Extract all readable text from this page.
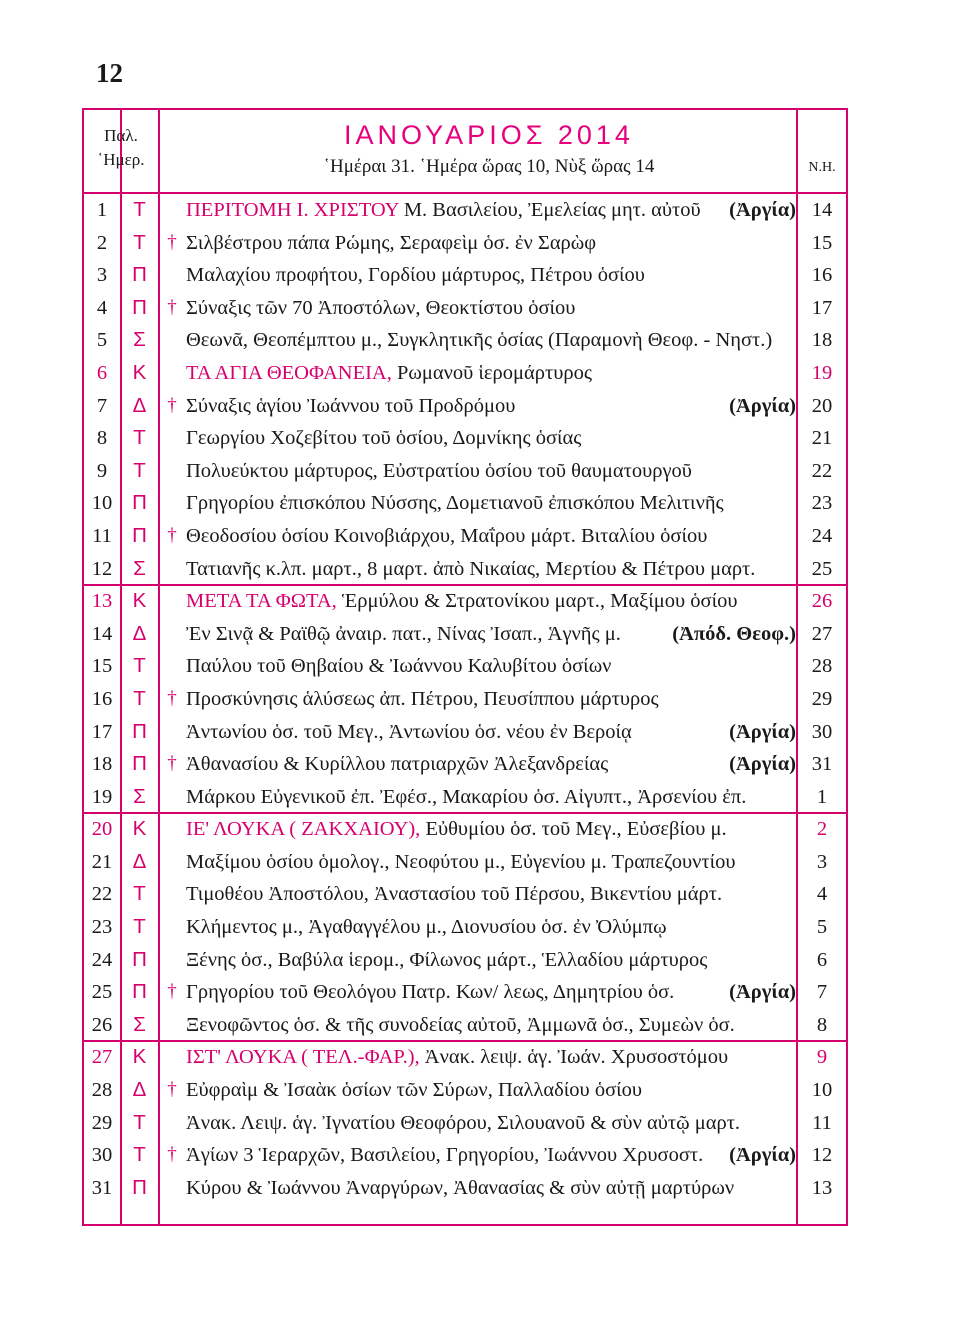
12
Παλ.
῾Ημερ.
ΙΑΝΟΥΑΡΙΟΣ 2014
῾Ημέραι 31. ῾Ημέρα ὥρας 10, Νὺξ ὥρας 14	Ν.Η.
1	Τ	ΠΕΡΙΤΟΜΗ Ι. ΧΡΙΣΤΟΥ Μ. Βασιλείου, Ἐμελείας μητ. αὐτοῦ	(Ἀργία) 14
2	Τ	† Σιλβέστρου πάπα Ρώμης, Σεραφεὶμ ὁσ. ἐν Σαρὼφ	15
3	Π	Μαλαχίου προφήτου, Γορδίου μάρτυρος, Πέτρου ὁσίου	16
4	Π	† Σύναξις τῶν 70 Ἀποστόλων, Θεοκτίστου ὁσίου	17
5	Σ	Θεωνᾶ, Θεοπέμπτου μ., Συγκλητικῆς ὁσίας (Παραμονὴ Θεοφ. - Νηστ.)	18
6	Κ	ΤΑ ΑΓΙΑ ΘΕΟΦΑΝΕΙΑ, Ρωμανοῦ ἱερομάρτυρος	19
7	Δ	† Σύναξις ἁγίου Ἰωάννου τοῦ Προδρόμου	(Ἀργία) 20
8	Τ	Γεωργίου Χοζεβίτου τοῦ ὁσίου, Δομνίκης ὁσίας	21
9	Τ	Πολυεύκτου μάρτυρος, Εὐστρατίου ὁσίου τοῦ θαυματουργοῦ	22
10 Π	Γρηγορίου ἐπισκόπου Νύσσης, Δομετιανοῦ ἐπισκόπου Μελιτινῆς	23
11 Π	† Θεοδοσίου ὁσίου Κοινοβιάρχου, Μαΐρου μάρτ. Βιταλίου ὁσίου	24
12	Σ	Τατιανῆς κ.λπ. μαρτ., 8 μαρτ. ἀπὸ Νικαίας, Μερτίου & Πέτρου μαρτ.	25
13 Κ	ΜΕΤΑ ΤΑ ΦΩΤΑ, Ἑρμύλου & Στρατονίκου μαρτ., Μαξίμου ὁσίου	26
14 Δ	Ἐν Σινᾷ & Ραϊθῷ ἀναιρ. πατ., Νίνας Ἰσαπ., Ἁγνῆς μ.	(Ἀπόδ. Θεοφ.) 27
15	Τ	Παύλου τοῦ Θηβαίου & Ἰωάννου Καλυβίτου ὁσίων	28
16	Τ	† Προσκύνησις ἁλύσεως ἀπ. Πέτρου, Πευσίππου μάρτυρος	29
17 Π	Ἀντωνίου ὁσ. τοῦ Μεγ., Ἀντωνίου ὁσ. νέου ἐν Βεροίᾳ	(Ἀργία) 30
18 Π	† Ἀθανασίου & Κυρίλλου πατριαρχῶν Ἀλεξανδρείας	(Ἀργία) 31
19	Σ	Μάρκου Εὐγενικοῦ ἐπ. Ἐφέσ., Μακαρίου ὁσ. Αἰγυπτ., Ἀρσενίου ἐπ.	1
20 Κ	ΙΕ' ΛΟΥΚΑ ( ΖΑΚΧΑΙΟΥ), Εὐθυμίου ὁσ. τοῦ Μεγ., Εὐσεβίου μ.	2
21 Δ	Μαξίμου ὁσίου ὁμολογ., Νεοφύτου μ., Εὐγενίου μ. Τραπεζουντίου	3
22	Τ	Τιμοθέου Ἀποστόλου, Ἀναστασίου τοῦ Πέρσου, Βικεντίου μάρτ.	4
23	Τ	Κλήμεντος μ., Ἀγαθαγγέλου μ., Διονυσίου ὁσ. ἐν Ὀλύμπῳ	5
24 Π	Ξένης ὁσ., Βαβύλα ἱερομ., Φίλωνος μάρτ., Ἑλλαδίου μάρτυρος	6
25 Π	† Γρηγορίου τοῦ Θεολόγου Πατρ. Κων/ λεως, Δημητρίου ὁσ.	(Ἀργία)	7
26	Σ	Ξενοφῶντος ὁσ. & τῆς συνοδείας αὐτοῦ, Ἀμμωνᾶ ὁσ., Συμεὼν ὁσ.	8
27 Κ	ΙΣΤ' ΛΟΥΚΑ ( ΤΕΛ.-ΦΑΡ.), Ἀνακ. λειψ. ἁγ. Ἰωάν. Χρυσοστόμου	9
28 Δ	† Εὐφραὶμ & Ἰσαὰκ ὁσίων τῶν Σύρων, Παλλαδίου ὁσίου	10
29	Τ	Ἀνακ. Λειψ. ἁγ. Ἰγνατίου Θεοφόρου, Σιλουανοῦ & σὺν αὐτῷ μαρτ.	11
30	Τ	† Ἁγίων 3 Ἱεραρχῶν, Βασιλείου, Γρηγορίου, Ἰωάννου Χρυσοστ.	(Ἀργία) 12
31 Π	Κύρου & Ἰωάννου Ἀναργύρων, Ἀθανασίας & σὺν αὐτῇ μαρτύρων	13
